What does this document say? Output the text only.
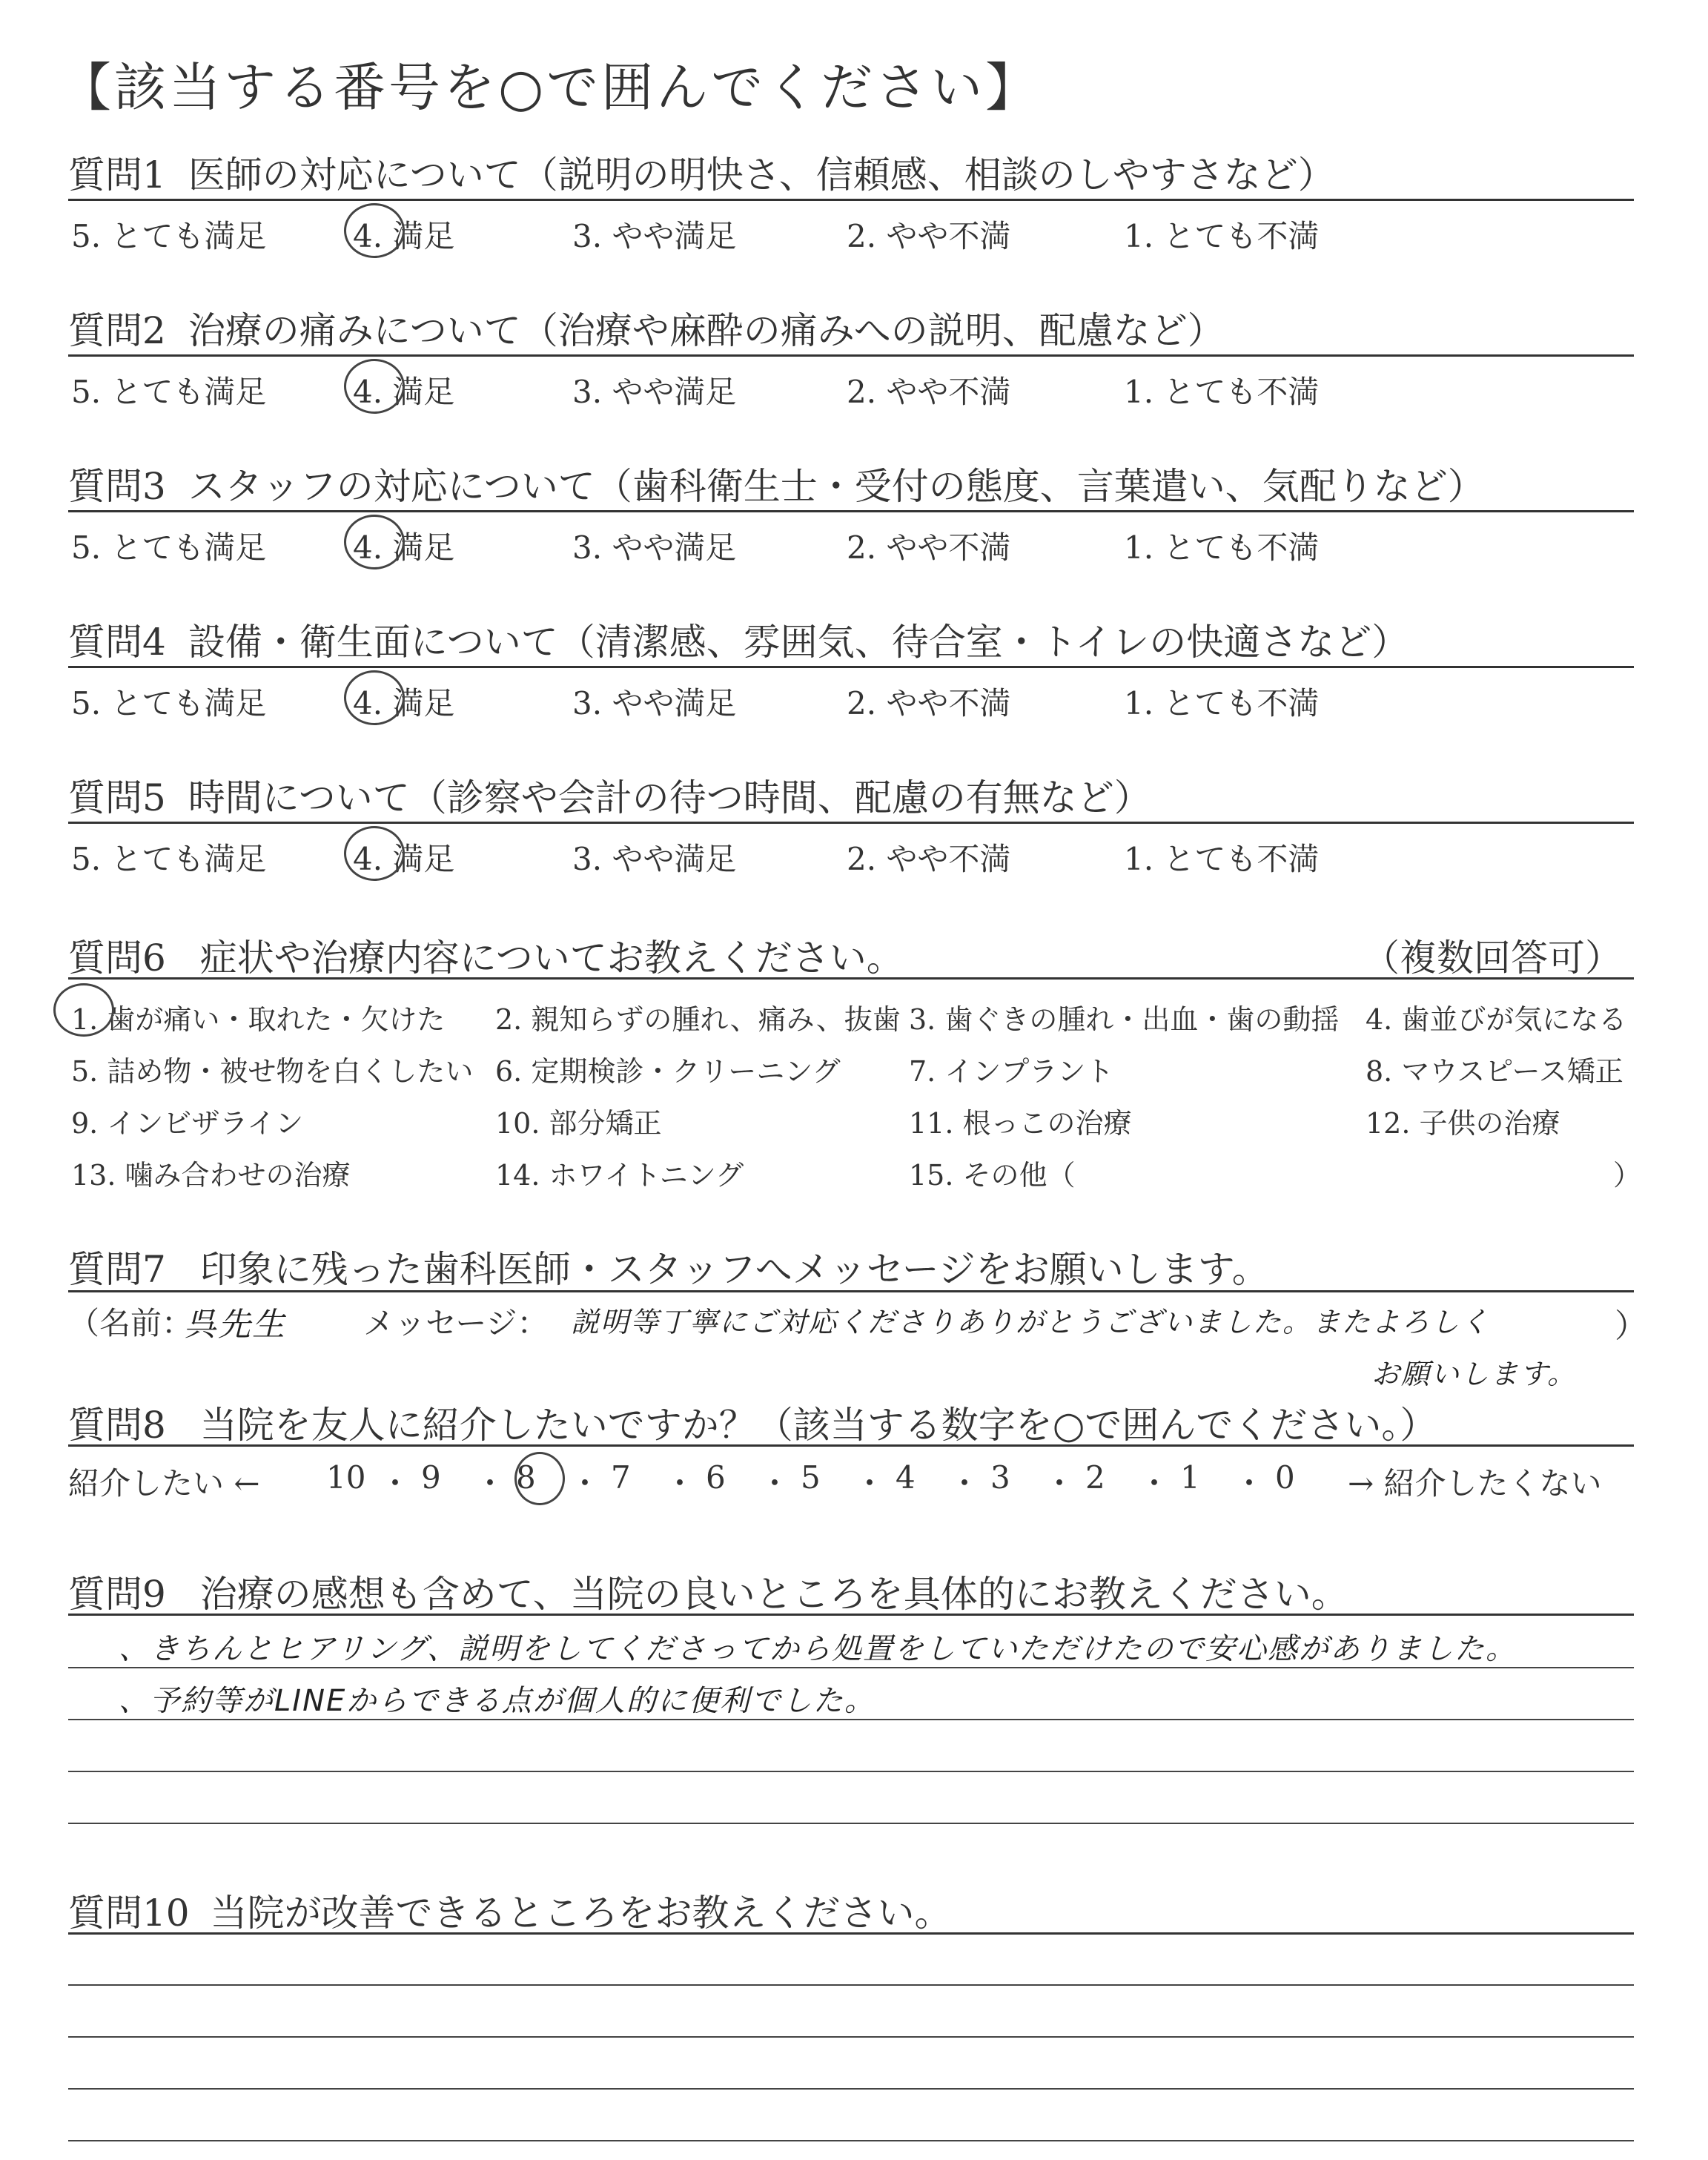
【該当する番号を○で囲んでください】
質問1 医師の対応について（説明の明快さ、信頼感、相談のしやすさなど）
5. とても満足	4. 満足	3. やや満足	2. やや不満	1. とても不満
質問2 治療の痛みについて（治療や麻酔の痛みへの説明、配慮など）
5. とても満足	4. 満足	3. やや満足	2. やや不満	1. とても不満
質問3 スタッフの対応について（歯科衛生士・受付の態度、言葉遣い、気配りなど）
5. とても満足	4. 満足	3. やや満足	2. やや不満	1. とても不満
質問4 設備・衛生面について（清潔感、雰囲気、待合室・トイレの快適さなど）
5. とても満足	4. 満足	3. やや満足	2. やや不満	1. とても不満
質問5 時間について（診察や会計の待つ時間、配慮の有無など）
5. とても満足	4. 満足	3. やや満足	2. やや不満	1. とても不満
質問6 症状や治療内容についてお教えください。	（複数回答可）
1. 歯が痛い・取れた・欠けた 2. 親知らずの腫れ、痛み、抜歯 3. 歯ぐきの腫れ・出血・歯の動揺 4. 歯並びが気になる
5. 詰め物・被せ物を白くしたい 6. 定期検診・クリーニング 7. インプラント	8. マウスピース矯正
9. インビザライン	10. 部分矯正	11. 根っこの治療	12. 子供の治療
13. 噛み合わせの治療	14. ホワイトニング	15. その他（	）
質問7 印象に残った歯科医師・スタッフへメッセージをお願いします。
（名前：
呉先生 メッセージ： 説明等丁寧にご対応くださりありがとうございました。またよろしく
お願いします。
）
質問8 当院を友人に紹介したいですか？（該当する数字を○で囲んでください。）
紹介したい ← 10 ・ 9 ・ 8 ・ 7 ・ 6 ・ 5 ・ 4 ・ 3 ・ 2 ・ 1 ・ 0 → 紹介したくない
質問9 治療の感想も含めて、当院の良いところを具体的にお教えください。
、きちんとヒアリング、説明をしてくださってから処置をしていただけたので安心感がありました。
、予約等がLINEからできる点が個人的に便利でした。
質問10 当院が改善できるところをお教えください。
